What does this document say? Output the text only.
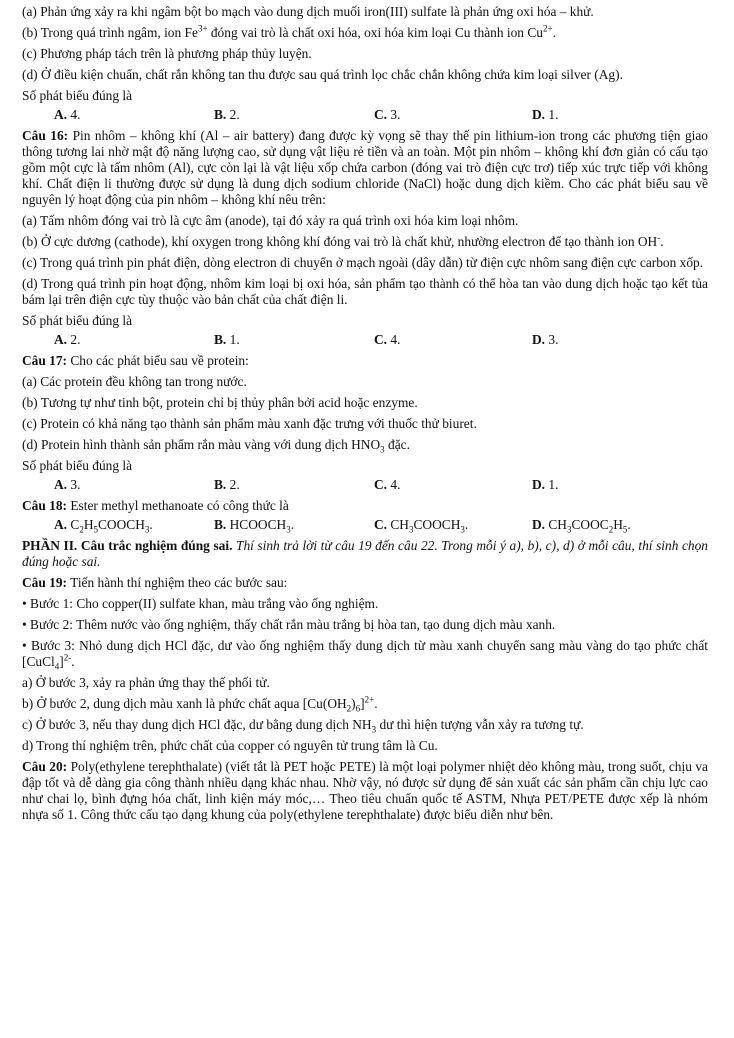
(a) Phản ứng xảy ra khi ngâm bột bo mạch vào dung dịch muối iron(III) sulfate là phản ứng oxi hóa – khử.

(b) Trong quá trình ngâm, ion $Fe^{3+}$ đóng vai trò là chất oxi hóa, oxi hóa kim loại Cu thành ion $Cu^{2+}$.

(c) Phương pháp tách trên là phương pháp thủy luyện.

(d) Ở điều kiện chuẩn, chất rắn không tan thu được sau quá trình lọc chắc chắn không chứa kim loại silver (Ag).

Số phát biểu đúng là

A. 4.	B. 2.	C. 3.	D. 1.

Câu 16: Pin nhôm – không khí (Al – air battery) đang được kỳ vọng sẽ thay thế pin lithium-ion trong các phương tiện giao thông tương lai nhờ mật độ năng lượng cao, sử dụng vật liệu rẻ tiền và an toàn. Một pin nhôm – không khí đơn giản có cấu tạo gồm một cực là tấm nhôm (Al), cực còn lại là vật liệu xốp chứa carbon (đóng vai trò điện cực trơ) tiếp xúc trực tiếp với không khí. Chất điện li thường được sử dụng là dung dịch sodium chloride (NaCl) hoặc dung dịch kiềm. Cho các phát biểu sau về nguyên lý hoạt động của pin nhôm – không khí nêu trên:

(a) Tấm nhôm đóng vai trò là cực âm (anode), tại đó xảy ra quá trình oxi hóa kim loại nhôm.

(b) Ở cực dương (cathode), khí oxygen trong không khí đóng vai trò là chất khử, nhường electron để tạo thành ion OH-.

(c) Trong quá trình pin phát điện, dòng electron di chuyển ở mạch ngoài (dây dẫn) từ điện cực nhôm sang điện cực carbon xốp.

(d) Trong quá trình pin hoạt động, nhôm kim loại bị oxi hóa, sản phẩm tạo thành có thể hòa tan vào dung dịch hoặc tạo kết tủa bám lại trên điện cực tùy thuộc vào bản chất của chất điện li.

Số phát biểu đúng là

A. 2.	B. 1.	C. 4.	D. 3.

Câu 17: Cho các phát biểu sau về protein:

(a) Các protein đều không tan trong nước.

(b) Tương tự như tinh bột, protein chỉ bị thủy phân bởi acid hoặc enzyme.

(c) Protein có khả năng tạo thành sản phẩm màu xanh đặc trưng với thuốc thử biuret.

(d) Protein hình thành sản phẩm rắn màu vàng với dung dịch $HNO_3$ đặc.

Số phát biểu đúng là

A. 3.	B. 2.	C. 4.	D. 1.

Câu 18: Ester methyl methanoate có công thức là

A. $C_2H_5COOCH_3$.	B. $HCOOCH_3$.	C. $CH_3COOCH_3$.	D. $CH_3COOC_2H_5$.

PHẦN II. Câu trắc nghiệm đúng sai. Thí sinh trả lời từ câu 19 đến câu 22. Trong mỗi ý a), b), c), d) ở mỗi câu, thí sinh chọn đúng hoặc sai.

Câu 19: Tiến hành thí nghiệm theo các bước sau:

• Bước 1: Cho copper(II) sulfate khan, màu trắng vào ống nghiệm.

• Bước 2: Thêm nước vào ống nghiệm, thấy chất rắn màu trắng bị hòa tan, tạo dung dịch màu xanh.

• Bước 3: Nhỏ dung dịch HCl đặc, dư vào ống nghiệm thấy dung dịch từ màu xanh chuyển sang màu vàng do tạo phức chất [CuCl$_4$]$^{2-}$.

a) Ở bước 3, xảy ra phản ứng thay thế phối tử.

b) Ở bước 2, dung dịch màu xanh là phức chất aqua $[Cu(OH_2)_6]^{2+}$.

c) Ở bước 3, nếu thay dung dịch HCl đặc, dư bằng dung dịch $NH_3$ dư thì hiện tượng vẫn xảy ra tương tự.

d) Trong thí nghiệm trên, phức chất của copper có nguyên tử trung tâm là Cu.

Câu 20: Poly(ethylene terephthalate) (viết tắt là PET hoặc PETE) là một loại polymer nhiệt dẻo không màu, trong suốt, chịu va đập tốt và dễ dàng gia công thành nhiều dạng khác nhau. Nhờ vậy, nó được sử dụng để sản xuất các sản phẩm cần chịu lực cao như chai lọ, bình đựng hóa chất, linh kiện máy móc,… Theo tiêu chuẩn quốc tế ASTM, Nhựa PET/PETE được xếp là nhóm nhựa số 1. Công thức cấu tạo dạng khung của poly(ethylene terephthalate) được biểu diễn như bên.
